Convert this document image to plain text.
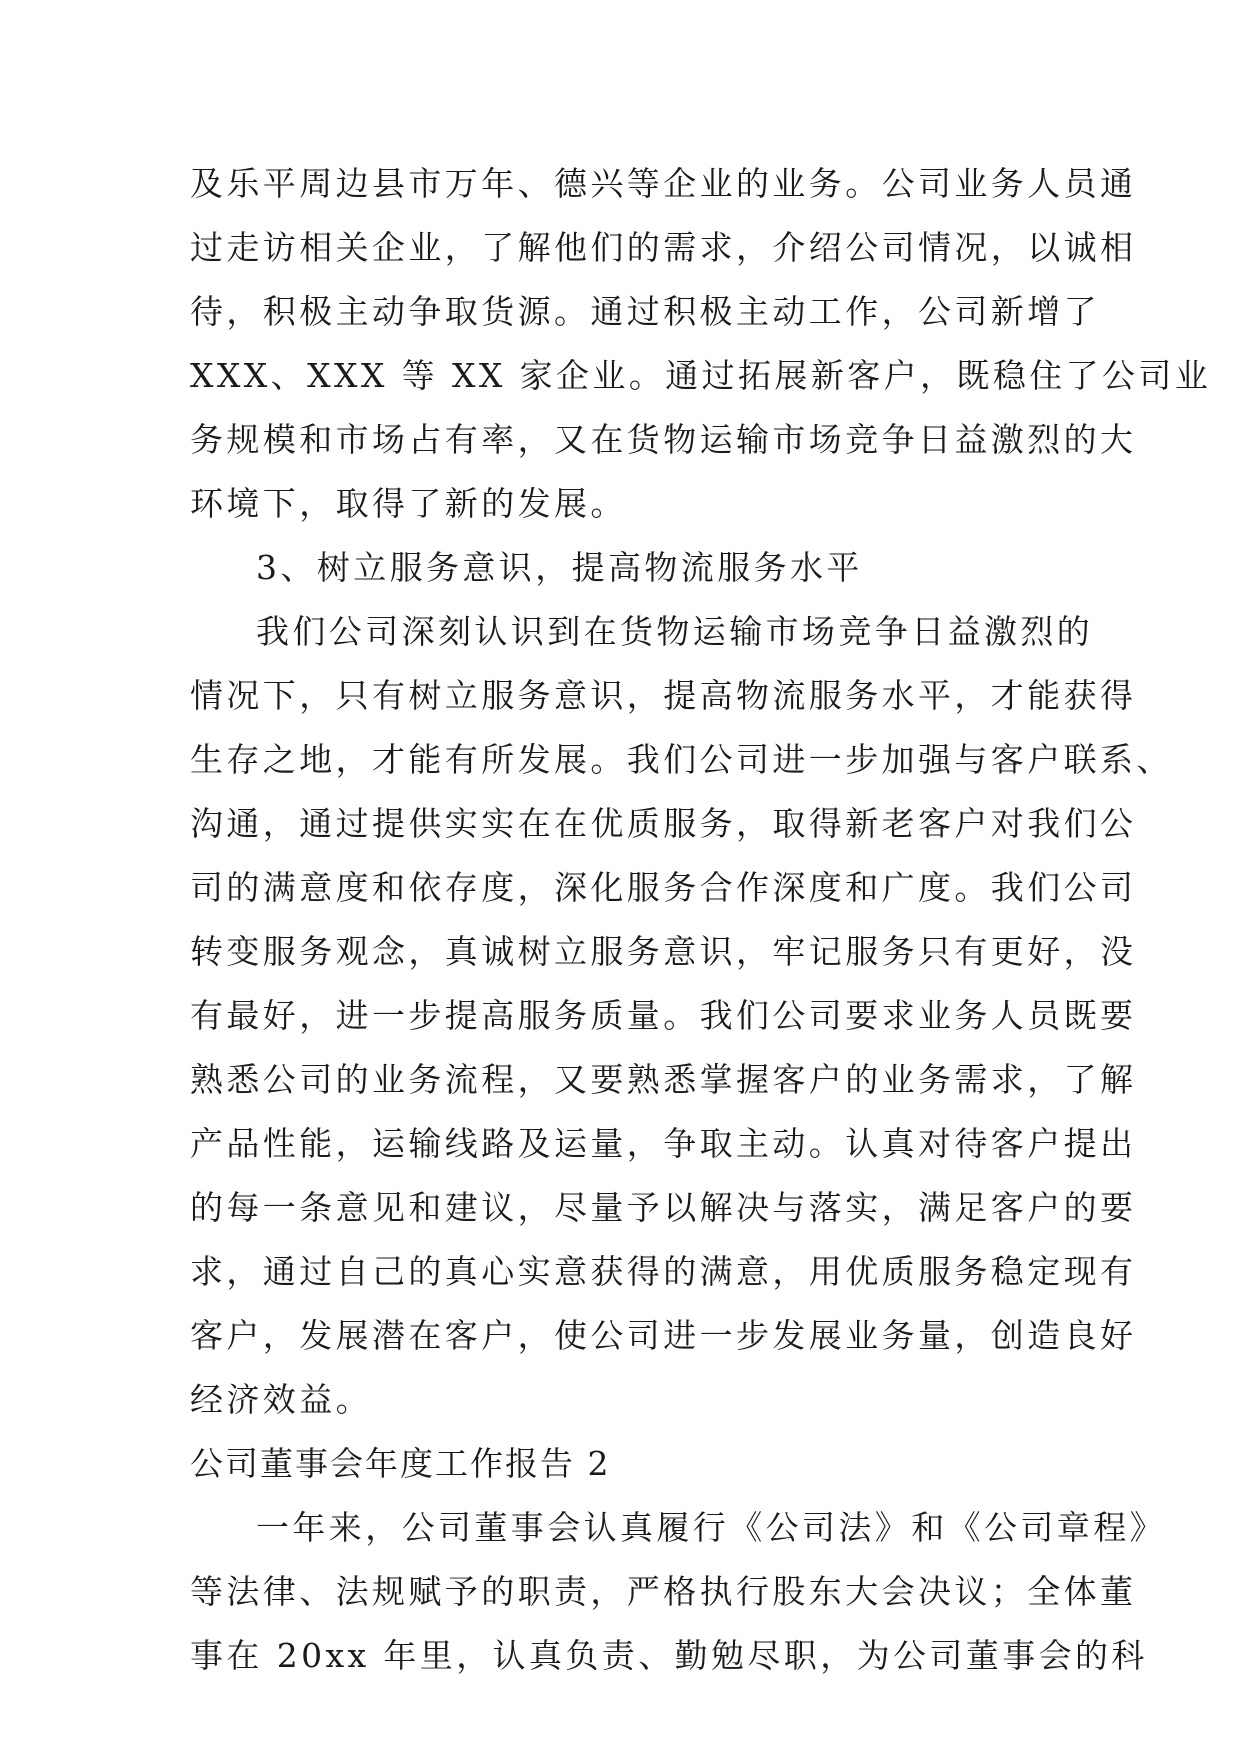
及乐平周边县市万年、德兴等企业的业务。公司业务人员通
过走访相关企业，了解他们的需求，介绍公司情况，以诚相
待，积极主动争取货源。通过积极主动工作，公司新增了
XXX、XXX 等 XX 家企业。通过拓展新客户，既稳住了公司业
务规模和市场占有率，又在货物运输市场竞争日益激烈的大
环境下，取得了新的发展。
3、树立服务意识，提高物流服务水平
我们公司深刻认识到在货物运输市场竞争日益激烈的
情况下，只有树立服务意识，提高物流服务水平，才能获得
生存之地，才能有所发展。我们公司进一步加强与客户联系、
沟通，通过提供实实在在优质服务，取得新老客户对我们公
司的满意度和依存度，深化服务合作深度和广度。我们公司
转变服务观念，真诚树立服务意识，牢记服务只有更好，没
有最好，进一步提高服务质量。我们公司要求业务人员既要
熟悉公司的业务流程，又要熟悉掌握客户的业务需求，了解
产品性能，运输线路及运量，争取主动。认真对待客户提出
的每一条意见和建议，尽量予以解决与落实，满足客户的要
求，通过自己的真心实意获得的满意，用优质服务稳定现有
客户，发展潜在客户，使公司进一步发展业务量，创造良好
经济效益。
公司董事会年度工作报告 2
一年来，公司董事会认真履行《公司法》和《公司章程》
等法律、法规赋予的职责，严格执行股东大会决议；全体董
事在 20xx 年里，认真负责、勤勉尽职，为公司董事会的科
